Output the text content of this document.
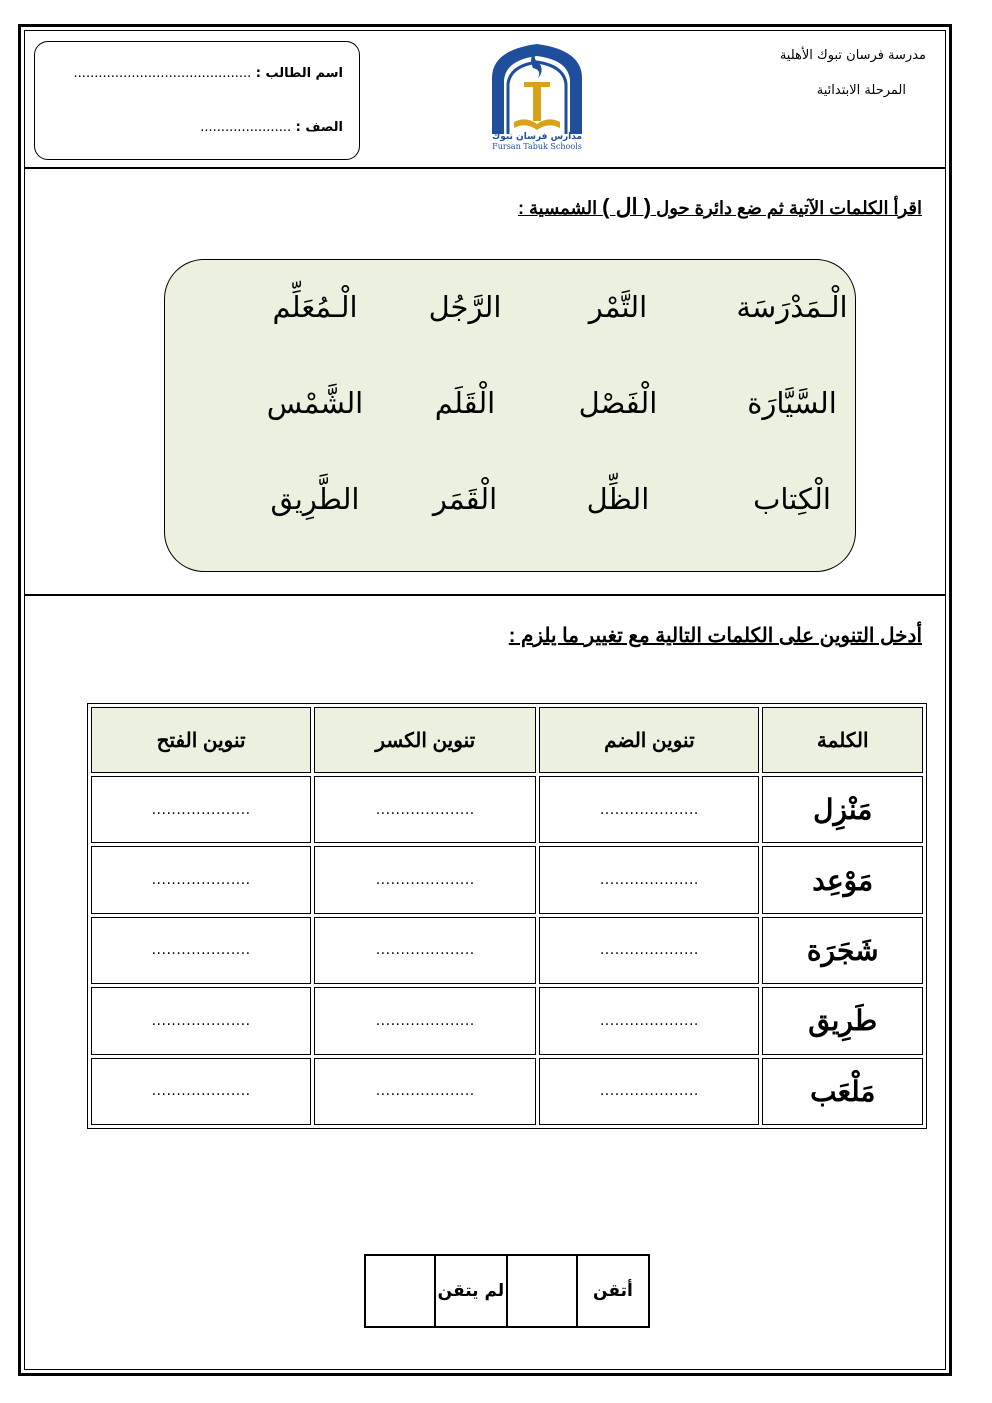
مدرسة فرسان تبوك الأهلية
المرحلة الابتدائية
مدارس فرسان تبوك
Fursan Tabuk Schools
اسم الطالب : ...........................................
الصف : ......................
اقرأ الكلمات الآتية ثم ضع دائرة حول ( ال ) الشمسية :
الْـمَدْرَسَة
التَّمْر
الرَّجُل
الْـمُعَلِّم
السَّيَّارَة
الْفَصْل
الْقَلَم
الشَّمْس
الْكِتاب
الظِّل
الْقَمَر
الطَّرِيق
أدخل التنوين على الكلمات التالية مع تغيير ما يلزم :
الكلمة	تنوين الضم	تنوين الكسر	تنوين الفتح
مَنْزِل	....................	....................	....................
مَوْعِد	....................	....................	....................
شَجَرَة	....................	....................	....................
طَرِيق	....................	....................	....................
مَلْعَب	....................	....................	....................
أتقن		لم يتقن	
